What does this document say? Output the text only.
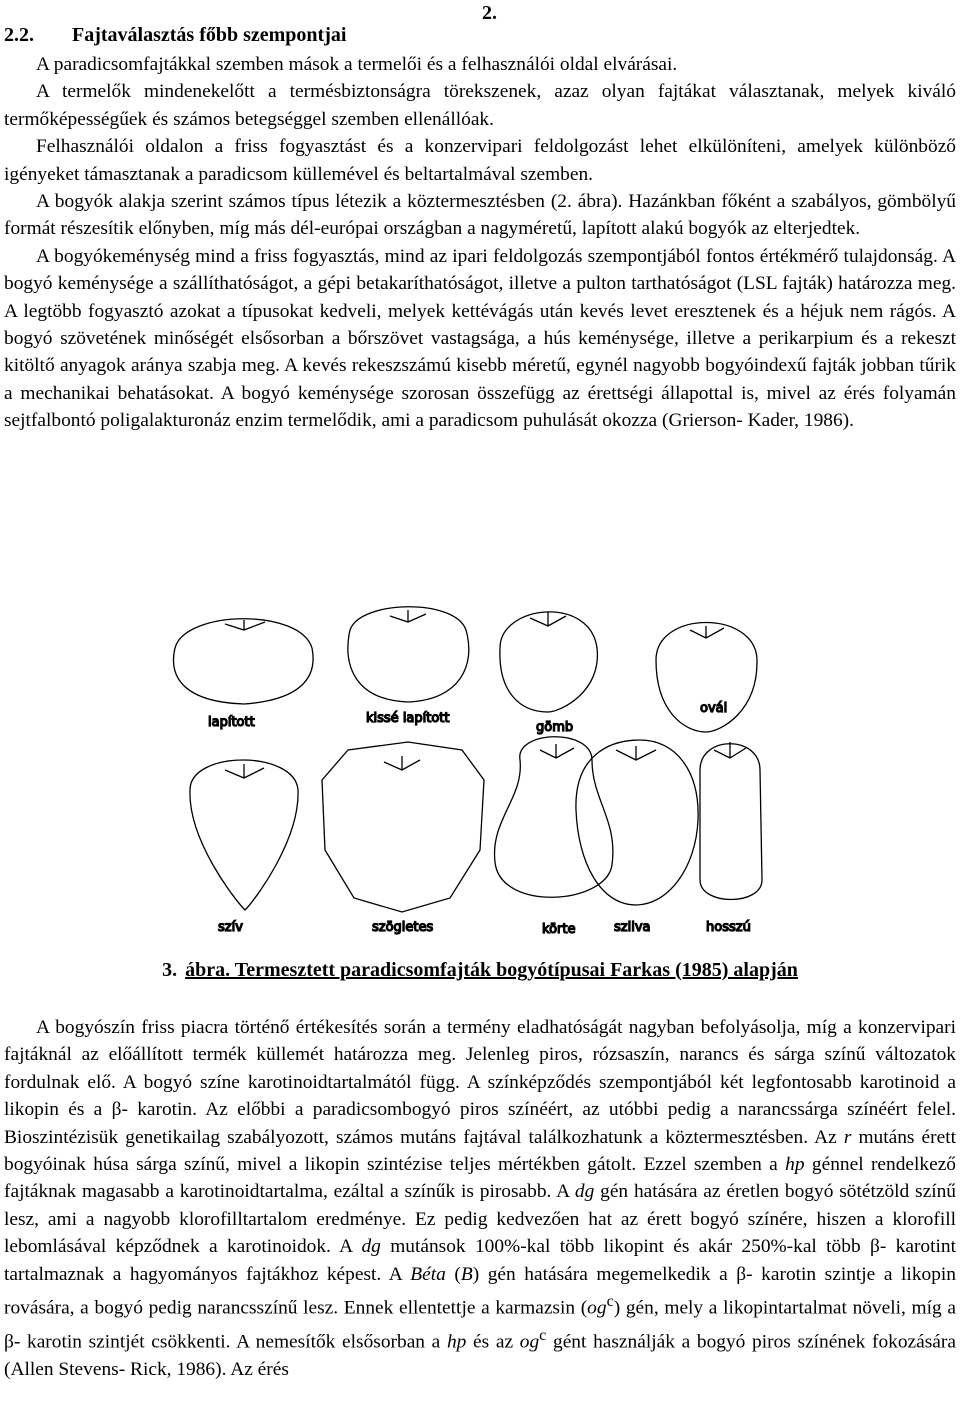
2.
2.2. Fajtaválasztás főbb szempontjai

A paradicsomfajtákkal szemben mások a termelői és a felhasználói oldal elvárásai.

A termelők mindenekelőtt a termésbiztonságra törekszenek, azaz olyan fajtákat választanak, melyek kiváló termőképességűek és számos betegséggel szemben ellenállóak.

Felhasználói oldalon a friss fogyasztást és a konzervipari feldolgozást lehet elkülöníteni, amelyek különböző igényeket támasztanak a paradicsom küllemével és beltartalmával szemben.

A bogyók alakja szerint számos típus létezik a köztermesztésben (2. ábra). Hazánkban főként a szabályos, gömbölyű formát részesítik előnyben, míg más dél-európai országban a nagyméretű, lapított alakú bogyók az elterjedtek.

A bogyókeménység mind a friss fogyasztás, mind az ipari feldolgozás szempontjából fontos értékmérő tulajdonság. A bogyó keménysége a szállíthatóságot, a gépi betakaríthatóságot, illetve a pulton tarthatóságot (LSL fajták) határozza meg. A legtöbb fogyasztó azokat a típusokat kedveli, melyek kettévágás után kevés levet eresztenek és a héjuk nem rágós. A bogyó szövetének minőségét elsősorban a bőrszövet vastagsága, a hús keménysége, illetve a perikarpium és a rekeszt kitöltő anyagok aránya szabja meg. A kevés rekeszszámú kisebb méretű, egynél nagyobb bogyóindexű fajták jobban tűrik a mechanikai behatásokat. A bogyó keménysége szorosan összefügg az érettségi állapottal is, mivel az érés folyamán sejtfalbontó poligalakturonáz enzim termelődik, ami a paradicsom puhulását okozza (Grierson- Kader, 1986).

lapított	kissé lapított
gömb
ovál
szív	szögletes	körte	szilva	hosszú
3. ábra. Termesztett paradicsomfajták bogyótípusai Farkas (1985) alapján

A bogyószín friss piacra történő értékesítés során a termény eladhatóságát nagyban befolyásolja, míg a konzervipari fajtáknál az előállított termék küllemét határozza meg. Jelenleg piros, rózsaszín, narancs és sárga színű változatok fordulnak elő. A bogyó színe karotinoidtartalmától függ. A színképződés szempontjából két legfontosabb karotinoid a likopin és a β- karotin. Az előbbi a paradicsombogyó piros színéért, az utóbbi pedig a narancssárga színéért felel. Bioszintézisük genetikailag szabályozott, számos mutáns fajtával találkozhatunk a köztermesztésben. Az r mutáns érett bogyóinak húsa sárga színű, mivel a likopin szintézise teljes mértékben gátolt. Ezzel szemben a hp génnel rendelkező fajtáknak magasabb a karotinoidtartalma, ezáltal a színűk is pirosabb. A dg gén hatására az éretlen bogyó sötétzöld színű lesz, ami a nagyobb klorofilltartalom eredménye. Ez pedig kedvezően hat az érett bogyó színére, hiszen a klorofill lebomlásával képződnek a karotinoidok. A dg mutánsok 100%-kal több likopint és akár 250%-kal több β- karotint tartalmaznak a hagyományos fajtákhoz képest. A Béta (B) gén hatására megemelkedik a β- karotin szintje a likopin rovására, a bogyó pedig narancsszínű lesz. Ennek ellentettje a karmazsin $(og^c)$ gén, mely a likopintartalmat növeli, míg a β- karotin szintjét csökkenti. A nemesítők elsősorban a hp és az $og^c$ gént használják a bogyó piros színének fokozására (Allen Stevens- Rick, 1986). Az érés
